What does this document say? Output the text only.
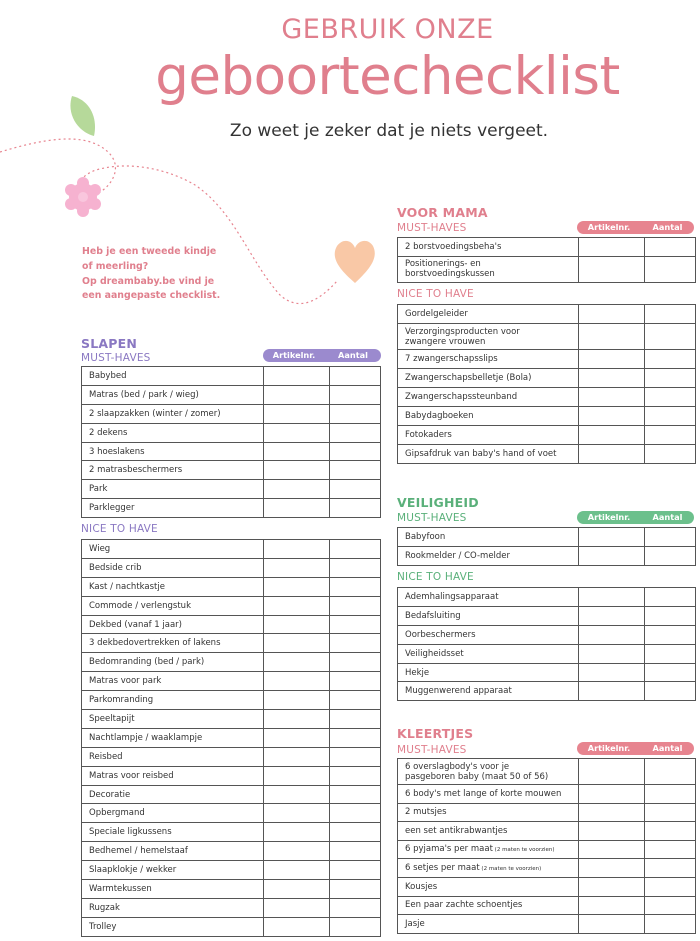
GEBRUIK ONZE
geboortechecklist
Zo weet je zeker dat je niets vergeet.
Heb je een tweede kindje
of meerling?
Op dreambaby.be vind je
een aangepaste checklist.
SLAPEN
MUST-HAVES	Artikelnr.	Aantal
Babybed		
Matras (bed / park / wieg)		
2 slaapzakken (winter / zomer)		
2 dekens		
3 hoeslakens		
2 matrasbeschermers		
Park		
Parklegger		
NICE TO HAVE
Wieg		
Bedside crib		
Kast / nachtkastje		
Commode / verlengstuk		
Dekbed (vanaf 1 jaar)		
3 dekbedovertrekken of lakens		
Bedomranding (bed / park)		
Matras voor park		
Parkomranding		
Speeltapijt		
Nachtlampje / waaklampje		
Reisbed		
Matras voor reisbed		
Decoratie		
Opbergmand		
Speciale ligkussens		
Bedhemel / hemelstaaf		
Slaapklokje / wekker		
Warmtekussen		
Rugzak		
Trolley		
VOOR MAMA
MUST-HAVES	Artikelnr.	Aantal
2 borstvoedingsbeha's		
Positionerings- en
borstvoedingskussen		
NICE TO HAVE
Gordelgeleider		
Verzorgingsproducten voor
zwangere vrouwen		
7 zwangerschapsslips		
Zwangerschapsbelletje (Bola)		
Zwangerschapssteunband		
Babydagboeken		
Fotokaders		
Gipsafdruk van baby's hand of voet		
VEILIGHEID
MUST-HAVES	Artikelnr.	Aantal
Babyfoon		
Rookmelder / CO-melder		
NICE TO HAVE
Ademhalingsapparaat		
Bedafsluiting		
Oorbeschermers		
Veiligheidsset		
Hekje		
Muggenwerend apparaat		
KLEERTJES
MUST-HAVES	Artikelnr.	Aantal
6 overslagbody's voor je
pasgeboren baby (maat 50 of 56)		
6 body's met lange of korte mouwen		
2 mutsjes		
een set antikrabwantjes		
6 pyjama's per maat (2 maten te voorzien)		
6 setjes per maat (2 maten te voorzien)		
Kousjes		
Een paar zachte schoentjes		
Jasje		
